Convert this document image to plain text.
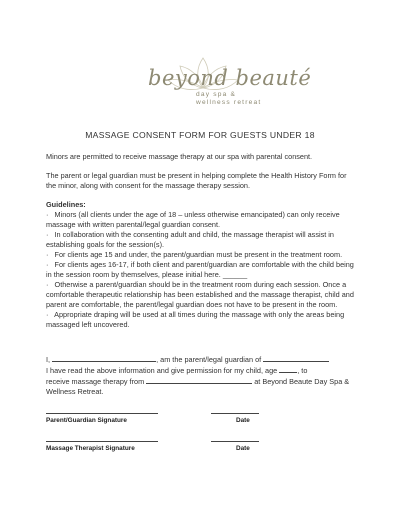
beyond beauté
day spa &
wellness retreat
MASSAGE CONSENT FORM FOR GUESTS UNDER 18
Minors are permitted to receive massage therapy at our spa with parental consent.
The parent or legal guardian must be present in helping complete the Health History Form for the minor, along with consent for the massage therapy session.
Guidelines:

·   Minors (all clients under the age of 18 – unless otherwise emancipated) can only receive massage with written parental/legal guardian consent.

·   In collaboration with the consenting adult and child, the massage therapist will assist in establishing goals for the session(s).

·   For clients age 15 and under, the parent/guardian must be present in the treatment room.

·   For clients ages 16-17, if both client and parent/guardian are comfortable with the child being in the session room by themselves, please initial here. ______

·   Otherwise a parent/guardian should be in the treatment room during each session. Once a comfortable therapeutic relationship has been established and the massage therapist, child and parent are comfortable, the parent/legal guardian does not have to be present in the room.

·   Appropriate draping will be used at all times during the massage with only the areas being massaged left uncovered.

I,	, am the parent/legal guardian of
I have read the above information and give permission for my child, age	, to
receive massage therapy from	at Beyond Beaute Day Spa &
Wellness Retreat.
Parent/Guardian Signature	Date
Massage Therapist Signature	Date
